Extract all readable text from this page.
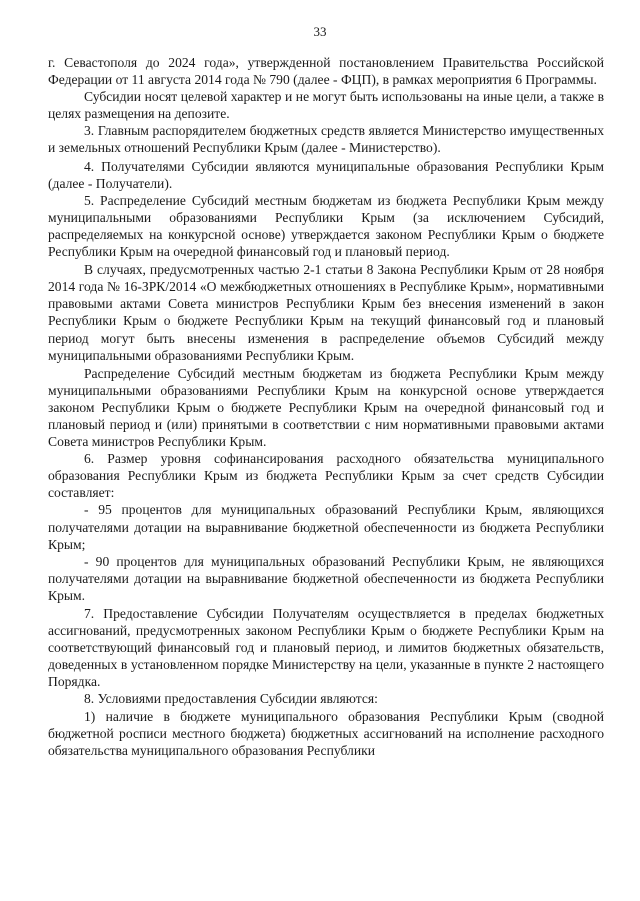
33

г. Севастополя до 2024 года», утвержденной постановлением Правительства Российской Федерации от 11 августа 2014 года № 790 (далее - ФЦП), в рамках мероприятия 6 Программы.

Субсидии носят целевой характер и не могут быть использованы на иные цели, а также в целях размещения на депозите.

3. Главным распорядителем бюджетных средств является Министерство имущественных и земельных отношений Республики Крым (далее - Министерство).

4. Получателями Субсидии являются муниципальные образования Республики Крым (далее - Получатели).

5. Распределение Субсидий местным бюджетам из бюджета Республики Крым между муниципальными образованиями Республики Крым (за исключением Субсидий, распределяемых на конкурсной основе) утверждается законом Республики Крым о бюджете Республики Крым на очередной финансовый год и плановый период.

В случаях, предусмотренных частью 2-1 статьи 8 Закона Республики Крым от 28 ноября 2014 года № 16-ЗРК/2014 «О межбюджетных отношениях в Республике Крым», нормативными правовыми актами Совета министров Республики Крым без внесения изменений в закон Республики Крым о бюджете Республики Крым на текущий финансовый год и плановый период могут быть внесены изменения в распределение объемов Субсидий между муниципальными образованиями Республики Крым.

Распределение Субсидий местным бюджетам из бюджета Республики Крым между муниципальными образованиями Республики Крым на конкурсной основе утверждается законом Республики Крым о бюджете Республики Крым на очередной финансовый год и плановый период и (или) принятыми в соответствии с ним нормативными правовыми актами Совета министров Республики Крым.

6. Размер уровня софинансирования расходного обязательства муниципального образования Республики Крым из бюджета Республики Крым за счет средств Субсидии составляет:

- 95 процентов для муниципальных образований Республики Крым, являющихся получателями дотации на выравнивание бюджетной обеспеченности из бюджета Республики Крым;

- 90 процентов для муниципальных образований Республики Крым, не являющихся получателями дотации на выравнивание бюджетной обеспеченности из бюджета Республики Крым.

7. Предоставление Субсидии Получателям осуществляется в пределах бюджетных ассигнований, предусмотренных законом Республики Крым о бюджете Республики Крым на соответствующий финансовый год и плановый период, и лимитов бюджетных обязательств, доведенных в установленном порядке Министерству на цели, указанные в пункте 2 настоящего Порядка.

8. Условиями предоставления Субсидии являются:

1) наличие в бюджете муниципального образования Республики Крым (сводной бюджетной росписи местного бюджета) бюджетных ассигнований на исполнение расходного обязательства муниципального образования Республики
